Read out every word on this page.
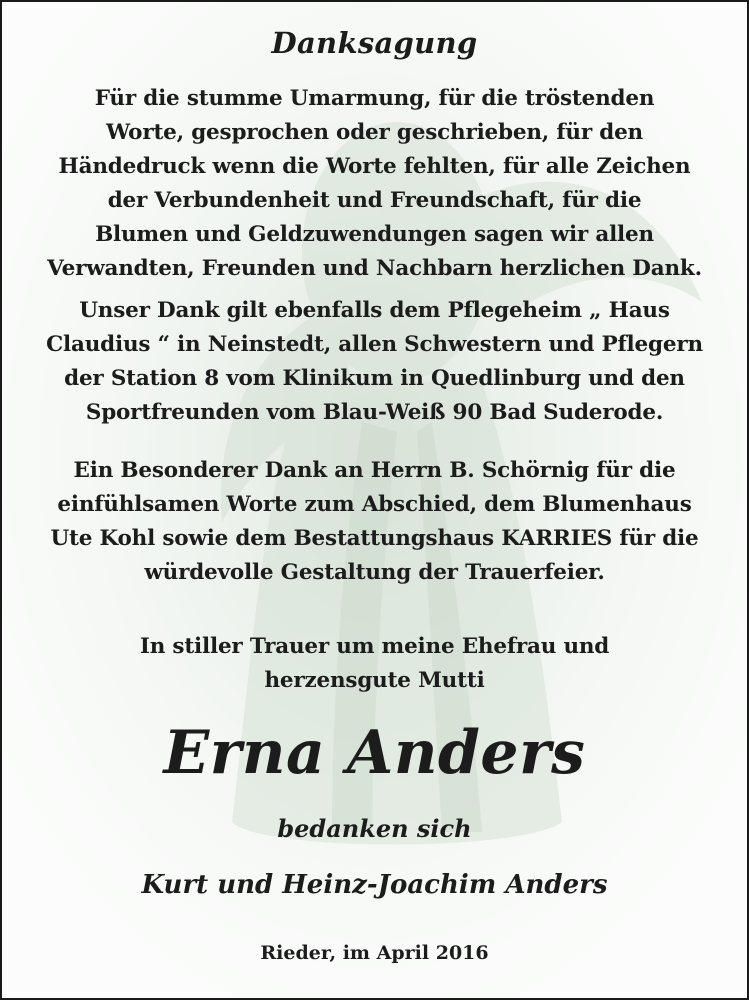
Danksagung
Für die stumme Umarmung, für die tröstenden
Worte, gesprochen oder geschrieben, für den
Händedruck wenn die Worte fehlten, für alle Zeichen
der Verbundenheit und Freundschaft, für die
Blumen und Geldzuwendungen sagen wir allen
Verwandten, Freunden und Nachbarn herzlichen Dank.
Unser Dank gilt ebenfalls dem Pflegeheim „ Haus
Claudius “ in Neinstedt, allen Schwestern und Pflegern
der Station 8 vom Klinikum in Quedlinburg und den
Sportfreunden vom Blau-Weiß 90 Bad Suderode.
Ein Besonderer Dank an Herrn B. Schörnig für die
einfühlsamen Worte zum Abschied, dem Blumenhaus
Ute Kohl sowie dem Bestattungshaus KARRIES für die
würdevolle Gestaltung der Trauerfeier.
In stiller Trauer um meine Ehefrau und
herzensgute Mutti
Erna Anders
bedanken sich
Kurt und Heinz-Joachim Anders
Rieder, im April 2016
